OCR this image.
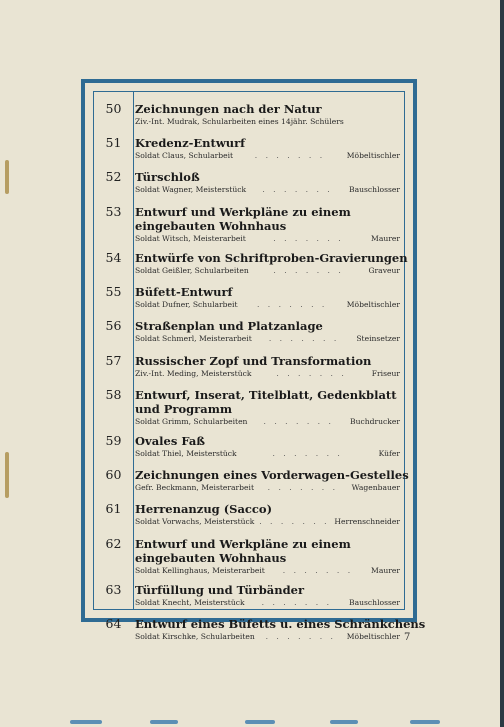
50	Zeichnungen nach der Natur
Ziv.-Int. Mudrak, Schularbeiten eines 14jähr. Schülers
51	Kredenz-Entwurf
Soldat Claus, Schularbeit	. . . . . . .	Möbeltischler
52	Türschloß
Soldat Wagner, Meisterstück	. . . . . . .	Bauschlosser
53	Entwurf und Werkpläne zu einem eingebauten Wohnhaus
Soldat Witsch, Meisterarbeit	. . . . . . .	Maurer
54	Entwürfe von Schriftproben-Gravierungen
Soldat Geißler, Schularbeiten	. . . . . . .	Graveur
55	Büfett-Entwurf
Soldat Dufner, Schularbeit	. . . . . . .	Möbeltischler
56	Straßenplan und Platzanlage
Soldat Schmerl, Meisterarbeit	. . . . . . .	Steinsetzer
57	Russischer Zopf und Transformation
Ziv.-Int. Meding, Meisterstück	. . . . . . .	Friseur
58	Entwurf, Inserat, Titelblatt, Gedenkblatt und Programm
Soldat Grimm, Schularbeiten	. . . . . . .	Buchdrucker
59	Ovales Faß
Soldat Thiel, Meisterstück	. . . . . . .	Küfer
60	Zeichnungen eines Vorderwagen-Gestelles
Gefr. Beckmann, Meisterarbeit	. . . . . . .	Wagenbauer
61	Herrenanzug (Sacco)
Soldat Vorwachs, Meisterstück . . . . . . . Herrenschneider
62	Entwurf und Werkpläne zu einem eingebauten Wohnhaus
Soldat Kellinghaus, Meisterarbeit	. . . . . . .	Maurer
63	Türfüllung und Türbänder
Soldat Knecht, Meisterstück	. . . . . . .	Bauschlosser
64	Entwurf eines Büfetts u. eines Schränkchens
Soldat Kirschke, Schularbeiten	. . . . . . .	Möbeltischler 7
